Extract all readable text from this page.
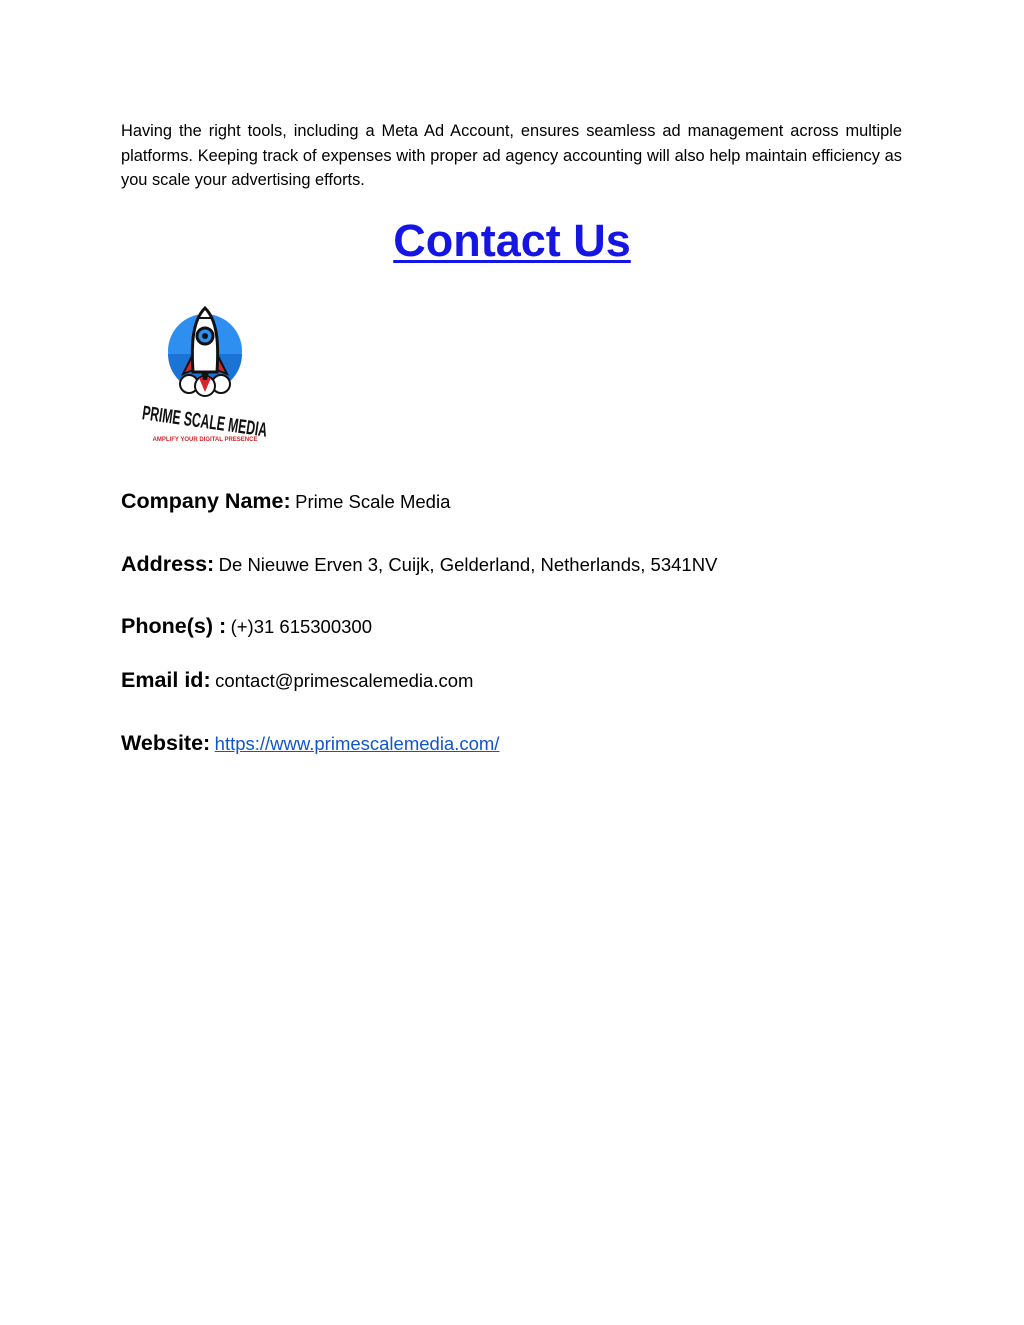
Having the right tools, including a Meta Ad Account, ensures seamless ad management across multiple platforms. Keeping track of expenses with proper ad agency accounting will also help maintain efficiency as you scale your advertising efforts.

Contact Us
PRIME SCALE
AMPLIFY YOUR DIGITAL PRESENCE

Company Name: Prime Scale Media

Address: De Nieuwe Erven 3, Cuijk, Gelderland, Netherlands, 5341NV

Phone(s) : (+)31 615300300

Email id: contact@primescalemedia.com

Website: https://www.primescalemedia.com/
